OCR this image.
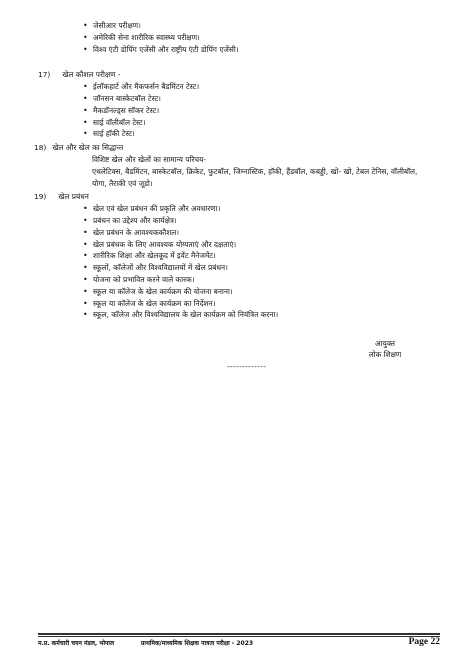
• जेसीआर परीक्षण।
• अमेरिकी सेना शारीरिक स्वास्थ्य परीक्षण।
• विश्व एंटी डोपिंग एजेंसी और राष्ट्रीय एंटी डोपिंग एजेंसी।
17) खेल कौशल परीक्षण -
• ईलॉकहार्ट और मैकफर्सन बैडमिंटन टेस्ट।
• जॉनसन बास्केटबॉल टेस्ट।
• मैकडॉनल्ड्स सॉकर टेस्ट।
• साई वॉलीबॉल टेस्ट।
• साई हॉकी टेस्ट।
18) खेल और खेल का सिद्धान्त
विशिष्ट खेल और खेलों का सामान्य परिचय-
एथलेटिक्स, बैडमिंटन, बास्केटबॉल, क्रिकेट, फुटबॉल, जिम्नास्टिक, हॉकी, हैंडबॉल, कबड्डी, खो- खो, टेबल टेनिस, वॉलीबॉल, योगा, तैराकी एवं जूडो।
19) खेल प्रबंधन
• खेल एवं खेल प्रबंधन की प्रकृति और अवधारणा।
• प्रबंधन का उद्देश्य और कार्यक्षेत्र।
• खेल प्रबंधन के आवश्यककौशल।
• खेल प्रबंधक के लिए आवश्यक योग्यताएं और दक्षताएं।
• शारीरिक शिक्षा और खेलकूद में इवेंट मैनेजमेंट।
• स्कूलों, कॉलेजों और विश्वविद्यालयों में खेल प्रबंधन।
• योजना को प्रभावित करने वाले कारक।
• स्कूल या कॉलेज के खेल कार्यक्रम की योजना बनाना।
• स्कूल या कॉलेज के खेल कार्यक्रम का निर्देशन।
• स्कूल, कॉलेज और विश्वविद्यालय के खेल कार्यक्रम को नियंत्रित करना।
आयुक्त
लोक शिक्षण
-------------
म.प्र. कर्मचारी चयन मंडल, भोपाल	प्राथमिक/माध्यमिक शिक्षक पात्रता परीक्षा - 2023	Page 22
